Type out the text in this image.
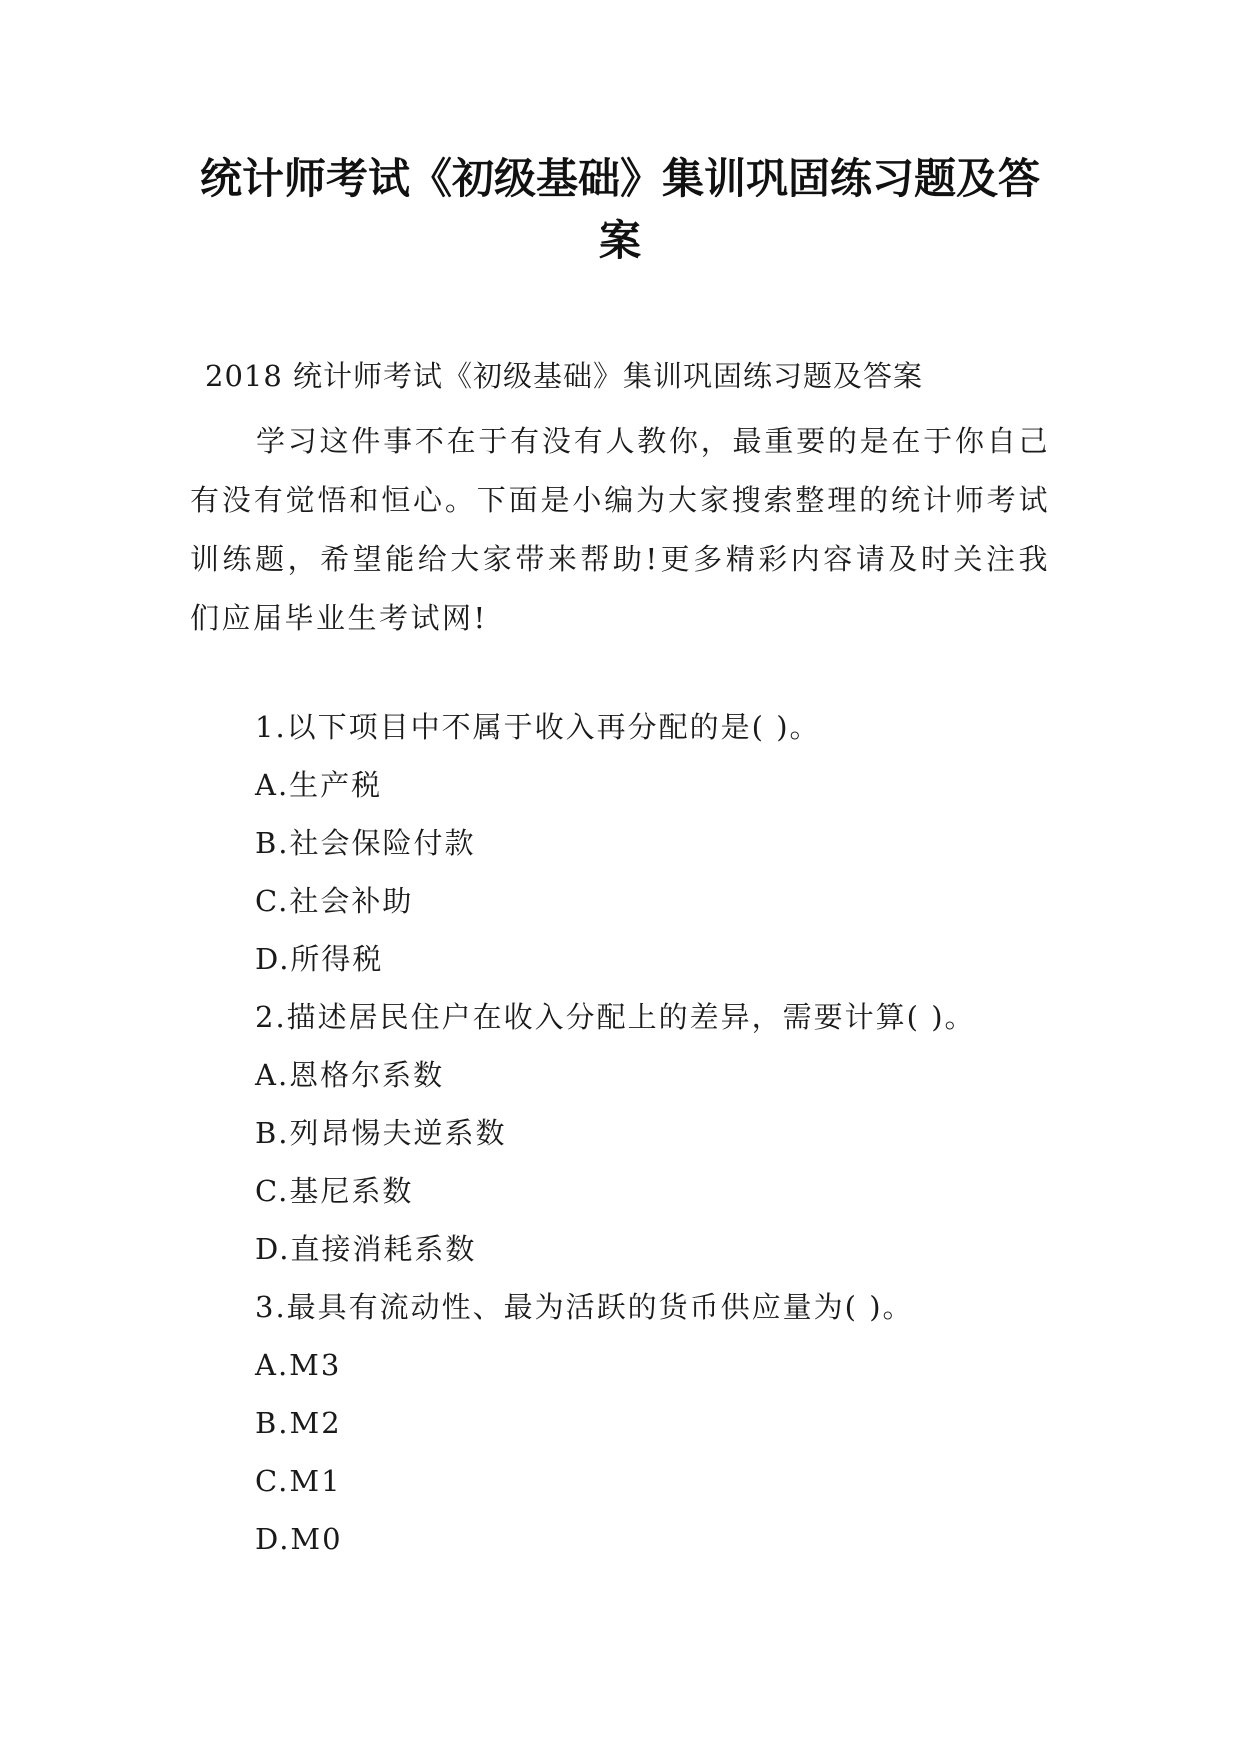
统计师考试《初级基础》集训巩固练习题及答案
2018 统计师考试《初级基础》集训巩固练习题及答案
学习这件事不在于有没有人教你，最重要的是在于你自己有没有觉悟和恒心。下面是小编为大家搜索整理的统计师考试训练题，希望能给大家带来帮助!更多精彩内容请及时关注我们应届毕业生考试网!
1.以下项目中不属于收入再分配的是( )。
A.生产税
B.社会保险付款
C.社会补助
D.所得税
2.描述居民住户在收入分配上的差异，需要计算( )。
A.恩格尔系数
B.列昂惕夫逆系数
C.基尼系数
D.直接消耗系数
3.最具有流动性、最为活跃的货币供应量为( )。
A.M3
B.M2
C.M1
D.M0
